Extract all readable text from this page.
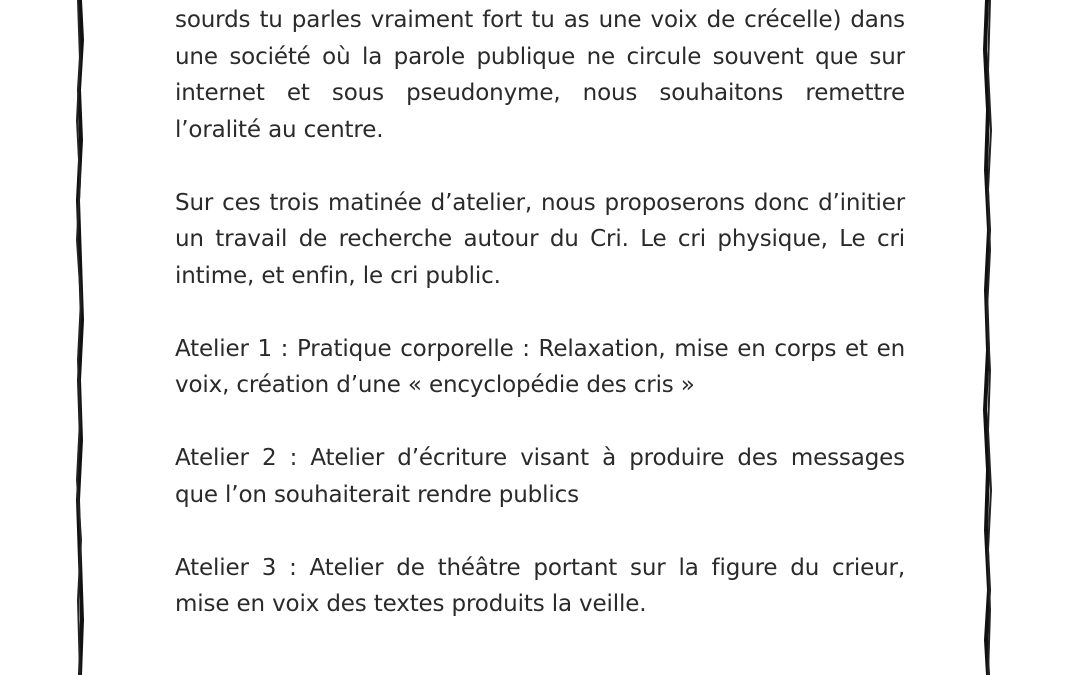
sourds tu parles vraiment fort tu as une voix de crécelle) dans
une société où la parole publique ne circule souvent que sur
internet et sous pseudonyme, nous souhaitons remettre
l’oralité au centre.
Sur ces trois matinée d’atelier, nous proposerons donc d’initier
un travail de recherche autour du Cri. Le cri physique, Le cri
intime, et enfin, le cri public.
Atelier 1 : Pratique corporelle : Relaxation, mise en corps et en
voix, création d’une « encyclopédie des cris »
Atelier 2 : Atelier d’écriture visant à produire des messages
que l’on souhaiterait rendre publics
Atelier 3 : Atelier de théâtre portant sur la figure du crieur,
mise en voix des textes produits la veille.
